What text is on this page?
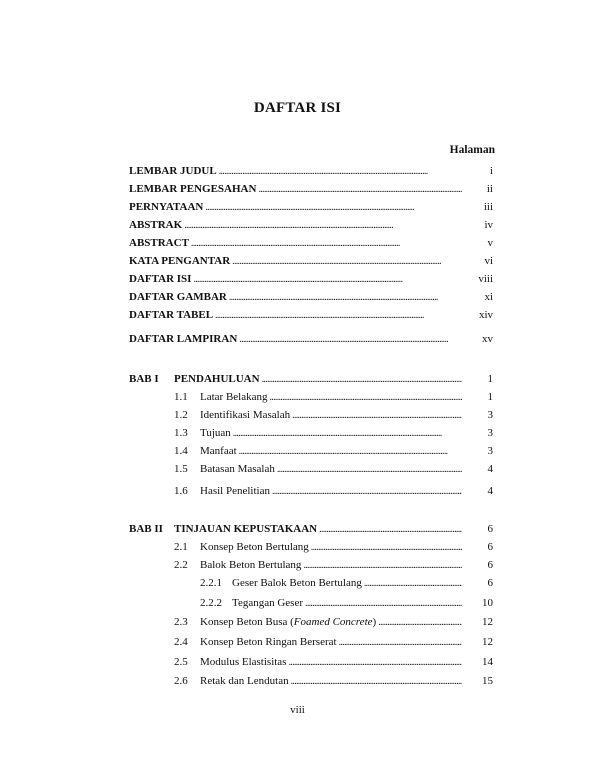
DAFTAR ISI
Halaman
LEMBAR JUDUL . . .	i
LEMBAR PENGESAHAN . . .	ii
PERNYATAAN . . .	iii
ABSTRAK . . .	iv
ABSTRACT . . .	v
KATA PENGANTAR . . .	vi
DAFTAR ISI . . .	viii
DAFTAR GAMBAR . . .	xi
DAFTAR TABEL . . .	xiv
DAFTAR LAMPIRAN . . .	xv
BAB I	PENDAHULUAN . . .	1
1.1	Latar Belakang . . .	1
1.2	Identifikasi Masalah . . .	3
1.3	Tujuan . . .	3
1.4	Manfaat . . .	3
1.5	Batasan Masalah . . .	4
1.6	Hasil Penelitian . . .	4
BAB II	TINJAUAN KEPUSTAKAAN . . .	6
2.1	Konsep Beton Bertulang . . .	6
2.2	Balok Beton Bertulang . . .	6
2.2.1 Geser Balok Beton Bertulang . . .	6
2.2.2 Tegangan Geser . . .	10
2.3	Konsep Beton Busa (Foamed Concrete) . . .	12
2.4	Konsep Beton Ringan Berserat . . .	12
2.5	Modulus Elastisitas . . .	14
2.6	Retak dan Lendutan . . .	15
viii
